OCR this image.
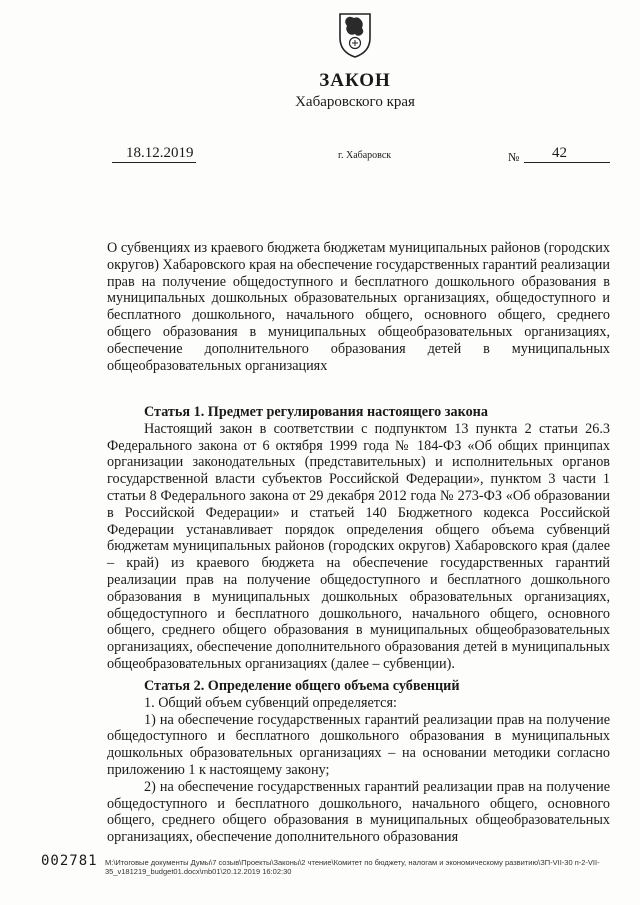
ЗАКОН
Хабаровского края
18.12.2019	г. Хабаровск	№ 42
О субвенциях из краевого бюджета бюджетам муниципальных районов (городских округов) Хабаровского края на обеспечение государственных гарантий реализации прав на получение общедоступного и бесплатного дошкольного образования в муниципальных дошкольных образовательных организациях, общедоступного и бесплатного дошкольного, начального общего, основного общего, среднего общего образования в муниципальных общеобразовательных организациях, обеспечение дополнительного образования детей в муниципальных общеобразовательных организациях

Статья 1. Предмет регулирования настоящего закона

Настоящий закон в соответствии с подпунктом 13 пункта 2 статьи 26.3 Федерального закона от 6 октября 1999 года № 184-ФЗ «Об общих принципах организации законодательных (представительных) и исполнительных органов государственной власти субъектов Российской Федерации», пунктом 3 части 1 статьи 8 Федерального закона от 29 декабря 2012 года № 273-ФЗ «Об образовании в Российской Федерации» и статьей 140 Бюджетного кодекса Российской Федерации устанавливает порядок определения общего объема субвенций бюджетам муниципальных районов (городских округов) Хабаровского края (далее – край) из краевого бюджета на обеспечение государственных гарантий реализации прав на получение общедоступного и бесплатного дошкольного образования в муниципальных дошкольных образовательных организациях, общедоступного и бесплатного дошкольного, начального общего, основного общего, среднего общего образования в муниципальных общеобразовательных организациях, обеспечение дополнительного образования детей в муниципальных общеобразовательных организациях (далее – субвенции).

Статья 2. Определение общего объема субвенций

1. Общий объем субвенций определяется:

1) на обеспечение государственных гарантий реализации прав на получение общедоступного и бесплатного дошкольного образования в муниципальных дошкольных образовательных организациях – на основании методики согласно приложению 1 к настоящему закону;

2) на обеспечение государственных гарантий реализации прав на получение общедоступного и бесплатного дошкольного, начального общего, основного общего, среднего общего образования в муниципальных общеобразовательных организациях, обеспечение дополнительного образования

002781 М:\Итоговые документы Думы\7 созыв\Проекты\Законы\2 чтение\Комитет по бюджету, налогам и экономическому развитию\ЗП-VII-30 п-2-VII-
35_v181219_budget01.docx\mb01\20.12.2019 16:02:30
